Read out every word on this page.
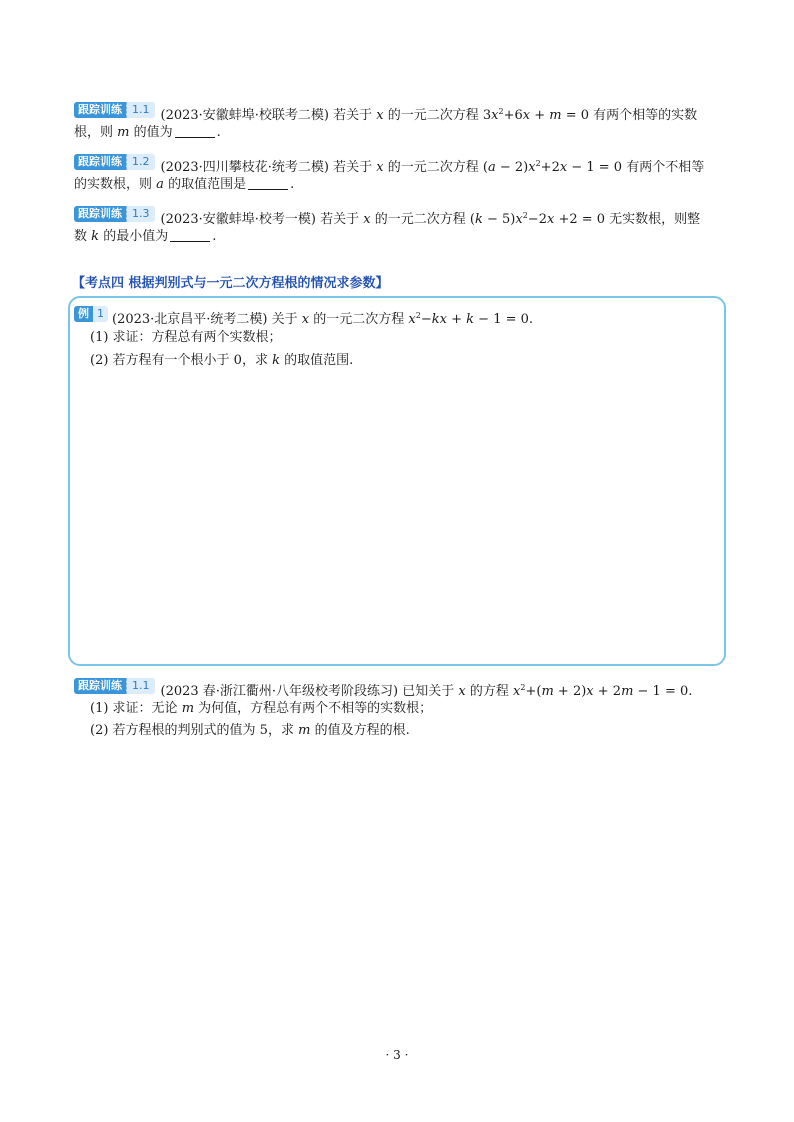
跟踪训练 1.1 (2023·安徽蚌埠·校联考二模) 若关于 x 的一元二次方程 $3x^2+6x + m = 0$ 有两个相等的实数
根，则 m 的值为	.
跟踪训练 1.2 (2023·四川攀枝花·统考二模) 若关于 x 的一元二次方程 $(a - 2)x^2+2x - 1 = 0$ 有两个不相等
的实数根，则 a 的取值范围是	.
跟踪训练 1.3 (2023·安徽蚌埠·校考一模) 若关于 x 的一元二次方程 $(k - 5)x^2-2x +2 = 0$ 无实数根，则整
数 k 的最小值为	.
【考点四 根据判别式与一元二次方程根的情况求参数】
例 1 (2023·北京昌平·统考二模) 关于 x 的一元二次方程 $x^2-kx + k - 1 = 0$.
(1) 求证：方程总有两个实数根；
(2) 若方程有一个根小于 0，求 k 的取值范围.
跟踪训练 1.1 (2023 春·浙江衢州·八年级校考阶段练习) 已知关于 x 的方程 $x^2+(m + 2)x + 2m - 1 = 0$.
(1) 求证：无论 m 为何值，方程总有两个不相等的实数根；
(2) 若方程根的判别式的值为 5，求 m 的值及方程的根.
· 3 ·
